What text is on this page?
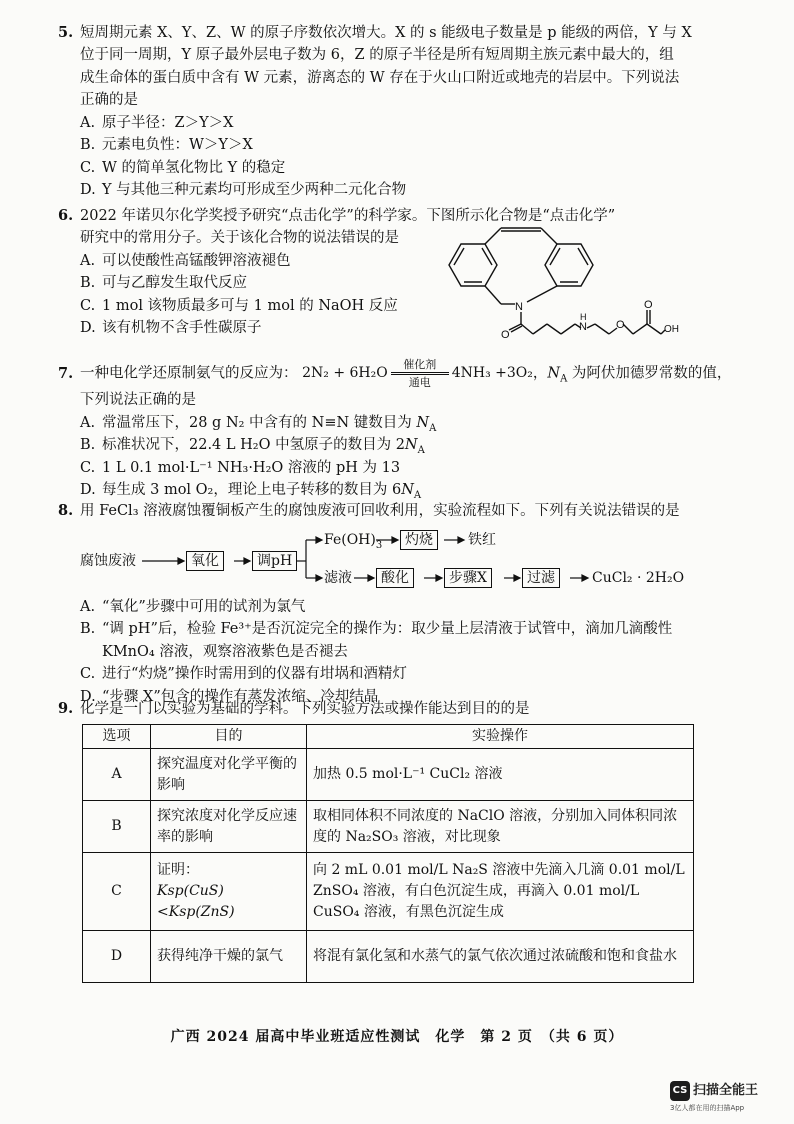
5. 短周期元素 X、Y、Z、W 的原子序数依次增大。X 的 s 能级电子数量是 p 能级的两倍，Y 与 X
位于同一周期，Y 原子最外层电子数为 6，Z 的原子半径是所有短周期主族元素中最大的，组
成生命体的蛋白质中含有 W 元素，游离态的 W 存在于火山口附近或地壳的岩层中。下列说法
正确的是
A. 原子半径：Z＞Y＞X
B. 元素电负性：W＞Y＞X
C. W 的简单氢化物比 Y 的稳定
D. Y 与其他三种元素均可形成至少两种二元化合物
6. 2022 年诺贝尔化学奖授予研究“点击化学”的科学家。下图所示化合物是“点击化学”
研究中的常用分子。关于该化合物的说法错误的是
A. 可以使酸性高锰酸钾溶液褪色
B. 可与乙醇发生取代反应
C. 1 mol 该物质最多可与 1 mol 的 NaOH 反应
D. 该有机物不含手性碳原子
N
O
N
H
O
O
OH
7. 一种电化学还原制氨气的反应为： 2N₂ + 6H₂O
催化剂
通电
4NH₃ +3O₂ ，$N_A$ 为阿伏加德罗常数的值，
下列说法正确的是
A. 常温常压下，28 g N₂ 中含有的 N≡N 键数目为 $N_A$
B. 标准状况下，22.4 L H₂O 中氢原子的数目为 $2N_A$
C. 1 L 0.1 mol·L⁻¹ NH₃·H₂O 溶液的 pH 为 13
D. 每生成 3 mol O₂，理论上电子转移的数目为 $6N_A$
8. 用 FeCl₃ 溶液腐蚀覆铜板产生的腐蚀废液可回收利用，实验流程如下。下列有关说法错误的是
腐蚀废液	氧化	调pH
$Fe(OH)_3$	灼烧	铁红
滤液	酸化	步骤X	过滤	CuCl₂ · 2H₂O
A. “氧化”步骤中可用的试剂为氯气
B. “调 pH”后，检验 Fe³⁺是否沉淀完全的操作为：取少量上层清液于试管中，滴加几滴酸性
KMnO₄ 溶液，观察溶液紫色是否褪去
C. 进行“灼烧”操作时需用到的仪器有坩埚和酒精灯
D. “步骤 X”包含的操作有蒸发浓缩、冷却结晶
9. 化学是一门以实验为基础的学科。下列实验方法或操作能达到目的的是
选项	目的	实验操作
A	探究温度对化学平衡的影响	加热 0.5 mol·L⁻¹ CuCl₂ 溶液
B	探究浓度对化学反应速率的影响	取相同体积不同浓度的 NaClO 溶液，分别加入同体积同浓度的 Na₂SO₃ 溶液，对比现象
C	证明：
Ksp(CuS)<Ksp(ZnS)	向 2 mL 0.01 mol/L Na₂S 溶液中先滴入几滴 0.01 mol/L ZnSO₄ 溶液，有白色沉淀生成，再滴入 0.01 mol/L CuSO₄ 溶液，有黑色沉淀生成
D	获得纯净干燥的氯气	将混有氯化氢和水蒸气的氯气依次通过浓硫酸和饱和食盐水
广西 2024 届高中毕业班适应性测试　化学　第 2 页　（共 6 页）
CS 扫描全能王
3亿人都在用的扫描App
